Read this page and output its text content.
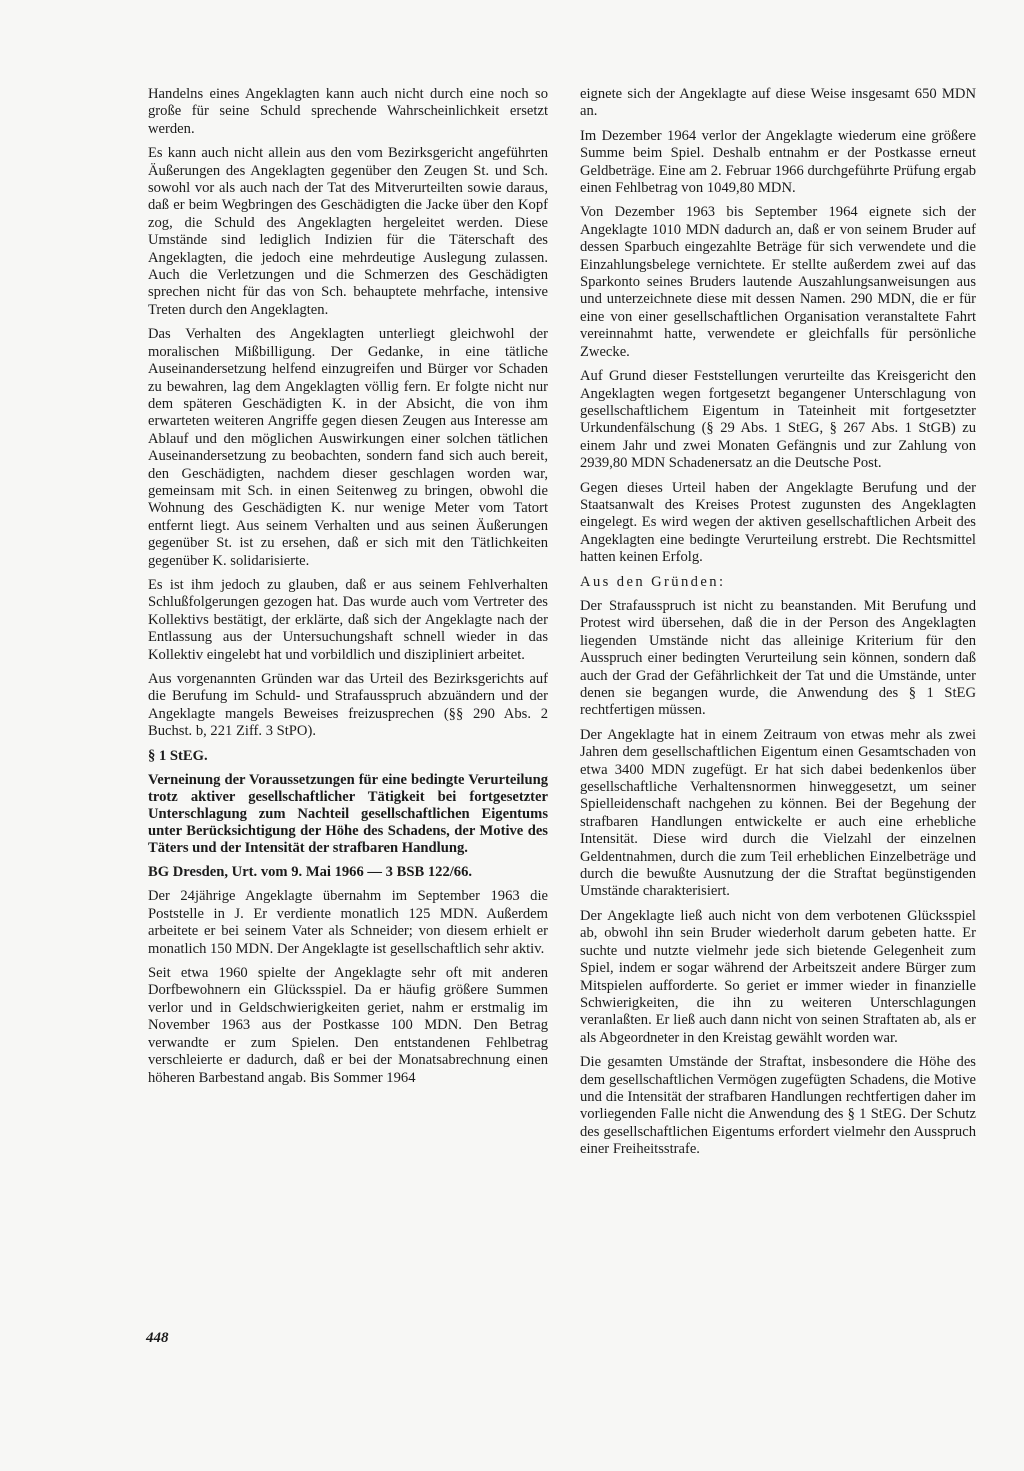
Handelns eines Angeklagten kann auch nicht durch eine noch so große für seine Schuld sprechende Wahrscheinlichkeit ersetzt werden.

Es kann auch nicht allein aus den vom Bezirksgericht angeführten Äußerungen des Angeklagten gegenüber den Zeugen St. und Sch. sowohl vor als auch nach der Tat des Mitverurteilten sowie daraus, daß er beim Wegbringen des Geschädigten die Jacke über den Kopf zog, die Schuld des Angeklagten hergeleitet werden. Diese Umstände sind lediglich Indizien für die Täterschaft des Angeklagten, die jedoch eine mehrdeutige Auslegung zulassen. Auch die Verletzungen und die Schmerzen des Geschädigten sprechen nicht für das von Sch. behauptete mehrfache, intensive Treten durch den Angeklagten.

Das Verhalten des Angeklagten unterliegt gleichwohl der moralischen Mißbilligung. Der Gedanke, in eine tätliche Auseinandersetzung helfend einzugreifen und Bürger vor Schaden zu bewahren, lag dem Angeklagten völlig fern. Er folgte nicht nur dem späteren Geschädigten K. in der Absicht, die von ihm erwarteten weiteren Angriffe gegen diesen Zeugen aus Interesse am Ablauf und den möglichen Auswirkungen einer solchen tätlichen Auseinandersetzung zu beobachten, sondern fand sich auch bereit, den Geschädigten, nachdem dieser geschlagen worden war, gemeinsam mit Sch. in einen Seitenweg zu bringen, obwohl die Wohnung des Geschädigten K. nur wenige Meter vom Tatort entfernt liegt. Aus seinem Verhalten und aus seinen Äußerungen gegenüber St. ist zu ersehen, daß er sich mit den Tätlichkeiten gegenüber K. solidarisierte.

Es ist ihm jedoch zu glauben, daß er aus seinem Fehlverhalten Schlußfolgerungen gezogen hat. Das wurde auch vom Vertreter des Kollektivs bestätigt, der erklärte, daß sich der Angeklagte nach der Entlassung aus der Untersuchungshaft schnell wieder in das Kollektiv eingelebt hat und vorbildlich und diszipliniert arbeitet.

Aus vorgenannten Gründen war das Urteil des Bezirksgerichts auf die Berufung im Schuld- und Strafausspruch abzuändern und der Angeklagte mangels Beweises freizusprechen (§§ 290 Abs. 2 Buchst. b, 221 Ziff. 3 StPO).

§ 1 StEG.

Verneinung der Voraussetzungen für eine bedingte Verurteilung trotz aktiver gesellschaftlicher Tätigkeit bei fortgesetzter Unterschlagung zum Nachteil gesellschaftlichen Eigentums unter Berücksichtigung der Höhe des Schadens, der Motive des Täters und der Intensität der strafbaren Handlung.

BG Dresden, Urt. vom 9. Mai 1966 — 3 BSB 122/66.

Der 24jährige Angeklagte übernahm im September 1963 die Poststelle in J. Er verdiente monatlich 125 MDN. Außerdem arbeitete er bei seinem Vater als Schneider; von diesem erhielt er monatlich 150 MDN. Der Angeklagte ist gesellschaftlich sehr aktiv.

Seit etwa 1960 spielte der Angeklagte sehr oft mit anderen Dorfbewohnern ein Glücksspiel. Da er häufig größere Summen verlor und in Geldschwierigkeiten geriet, nahm er erstmalig im November 1963 aus der Postkasse 100 MDN. Den Betrag verwandte er zum Spielen. Den entstandenen Fehlbetrag verschleierte er dadurch, daß er bei der Monatsabrechnung einen höheren Barbestand angab. Bis Sommer 1964

eignete sich der Angeklagte auf diese Weise insgesamt 650 MDN an.

Im Dezember 1964 verlor der Angeklagte wiederum eine größere Summe beim Spiel. Deshalb entnahm er der Postkasse erneut Geldbeträge. Eine am 2. Februar 1966 durchgeführte Prüfung ergab einen Fehlbetrag von 1049,80 MDN.

Von Dezember 1963 bis September 1964 eignete sich der Angeklagte 1010 MDN dadurch an, daß er von seinem Bruder auf dessen Sparbuch eingezahlte Beträge für sich verwendete und die Einzahlungsbelege vernichtete. Er stellte außerdem zwei auf das Sparkonto seines Bruders lautende Auszahlungsanweisungen aus und unterzeichnete diese mit dessen Namen. 290 MDN, die er für eine von einer gesellschaftlichen Organisation veranstaltete Fahrt vereinnahmt hatte, verwendete er gleichfalls für persönliche Zwecke.

Auf Grund dieser Feststellungen verurteilte das Kreisgericht den Angeklagten wegen fortgesetzt begangener Unterschlagung von gesellschaftlichem Eigentum in Tateinheit mit fortgesetzter Urkundenfälschung (§ 29 Abs. 1 StEG, § 267 Abs. 1 StGB) zu einem Jahr und zwei Monaten Gefängnis und zur Zahlung von 2939,80 MDN Schadenersatz an die Deutsche Post.

Gegen dieses Urteil haben der Angeklagte Berufung und der Staatsanwalt des Kreises Protest zugunsten des Angeklagten eingelegt. Es wird wegen der aktiven gesellschaftlichen Arbeit des Angeklagten eine bedingte Verurteilung erstrebt. Die Rechtsmittel hatten keinen Erfolg.

Aus den Gründen:

Der Strafausspruch ist nicht zu beanstanden. Mit Berufung und Protest wird übersehen, daß die in der Person des Angeklagten liegenden Umstände nicht das alleinige Kriterium für den Ausspruch einer bedingten Verurteilung sein können, sondern daß auch der Grad der Gefährlichkeit der Tat und die Umstände, unter denen sie begangen wurde, die Anwendung des § 1 StEG rechtfertigen müssen.

Der Angeklagte hat in einem Zeitraum von etwas mehr als zwei Jahren dem gesellschaftlichen Eigentum einen Gesamtschaden von etwa 3400 MDN zugefügt. Er hat sich dabei bedenkenlos über gesellschaftliche Verhaltensnormen hinweggesetzt, um seiner Spielleidenschaft nachgehen zu können. Bei der Begehung der strafbaren Handlungen entwickelte er auch eine erhebliche Intensität. Diese wird durch die Vielzahl der einzelnen Geldentnahmen, durch die zum Teil erheblichen Einzelbeträge und durch die bewußte Ausnutzung der die Straftat begünstigenden Umstände charakterisiert.

Der Angeklagte ließ auch nicht von dem verbotenen Glücksspiel ab, obwohl ihn sein Bruder wiederholt darum gebeten hatte. Er suchte und nutzte vielmehr jede sich bietende Gelegenheit zum Spiel, indem er sogar während der Arbeitszeit andere Bürger zum Mitspielen aufforderte. So geriet er immer wieder in finanzielle Schwierigkeiten, die ihn zu weiteren Unterschlagungen veranlaßten. Er ließ auch dann nicht von seinen Straftaten ab, als er als Abgeordneter in den Kreistag gewählt worden war.

Die gesamten Umstände der Straftat, insbesondere die Höhe des dem gesellschaftlichen Vermögen zugefügten Schadens, die Motive und die Intensität der strafbaren Handlungen rechtfertigen daher im vorliegenden Falle nicht die Anwendung des § 1 StEG. Der Schutz des gesellschaftlichen Eigentums erfordert vielmehr den Ausspruch einer Freiheitsstrafe.

448
